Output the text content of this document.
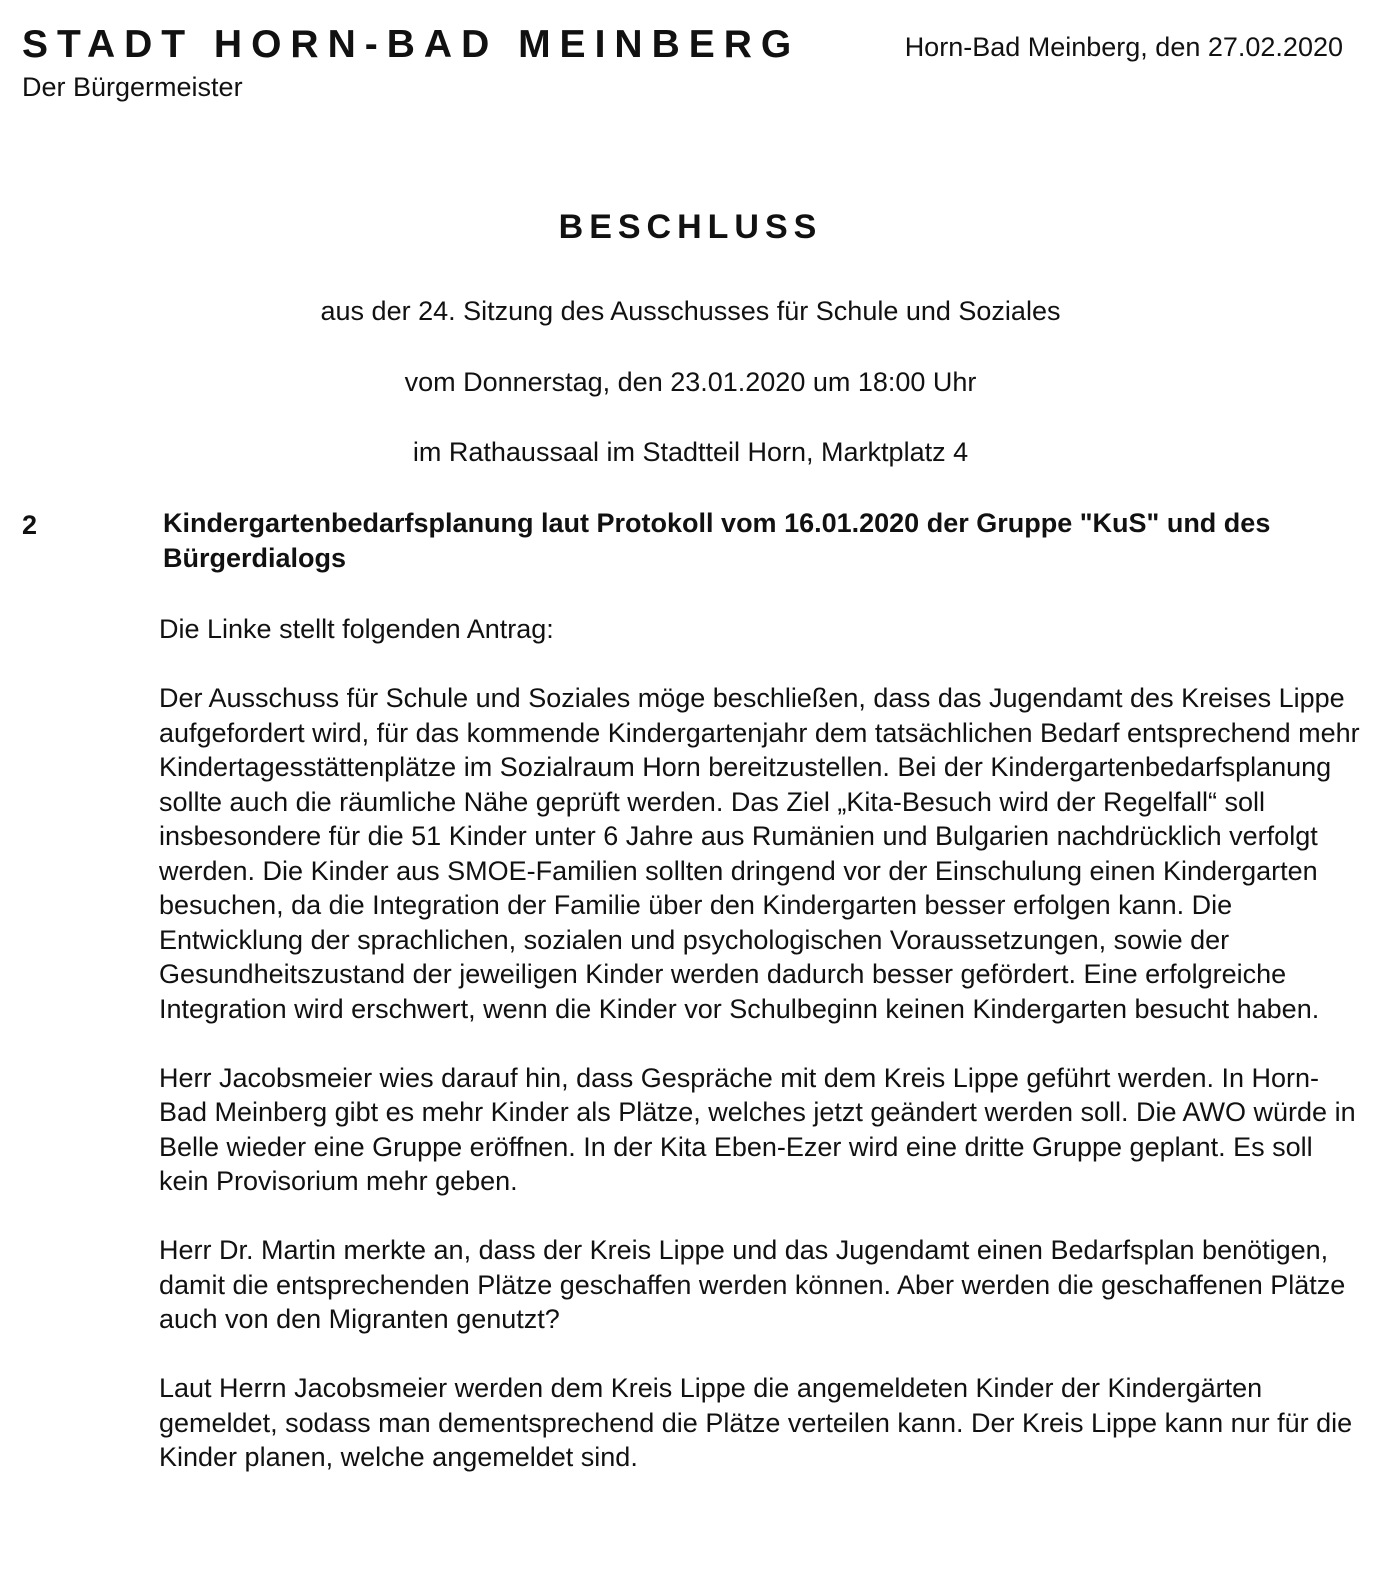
STADT HORN-BAD MEINBERG
Der Bürgermeister
Horn-Bad Meinberg, den 27.02.2020
BESCHLUSS
aus der 24. Sitzung des Ausschusses für Schule und Soziales
vom Donnerstag, den 23.01.2020 um 18:00 Uhr
im Rathaussaal im Stadtteil Horn, Marktplatz 4
2	Kindergartenbedarfsplanung laut Protokoll vom 16.01.2020 der Gruppe "KuS" und des Bürgerdialogs

Die Linke stellt folgenden Antrag:

Der Ausschuss für Schule und Soziales möge beschließen, dass das Jugendamt des Kreises Lippe aufgefordert wird, für das kommende Kindergartenjahr dem tatsächlichen Bedarf entsprechend mehr Kindertagesstättenplätze im Sozialraum Horn bereitzustellen. Bei der Kindergartenbedarfsplanung sollte auch die räumliche Nähe geprüft werden. Das Ziel „Kita-Besuch wird der Regelfall“ soll insbesondere für die 51 Kinder unter 6 Jahre aus Rumänien und Bulgarien nachdrücklich verfolgt werden. Die Kinder aus SMOE-Familien sollten dringend vor der Einschulung einen Kindergarten besuchen, da die Integration der Familie über den Kindergarten besser erfolgen kann. Die Entwicklung der sprachlichen, sozialen und psychologischen Voraussetzungen, sowie der Gesundheitszustand der jeweiligen Kinder werden dadurch besser gefördert. Eine erfolgreiche Integration wird erschwert, wenn die Kinder vor Schulbeginn keinen Kindergarten besucht haben.

Herr Jacobsmeier wies darauf hin, dass Gespräche mit dem Kreis Lippe geführt werden. In Horn-Bad Meinberg gibt es mehr Kinder als Plätze, welches jetzt geändert werden soll. Die AWO würde in Belle wieder eine Gruppe eröffnen. In der Kita Eben-Ezer wird eine dritte Gruppe geplant. Es soll kein Provisorium mehr geben.

Herr Dr. Martin merkte an, dass der Kreis Lippe und das Jugendamt einen Bedarfsplan benötigen, damit die entsprechenden Plätze geschaffen werden können. Aber werden die geschaffenen Plätze auch von den Migranten genutzt?

Laut Herrn Jacobsmeier werden dem Kreis Lippe die angemeldeten Kinder der Kindergärten gemeldet, sodass man dementsprechend die Plätze verteilen kann. Der Kreis Lippe kann nur für die Kinder planen, welche angemeldet sind.
